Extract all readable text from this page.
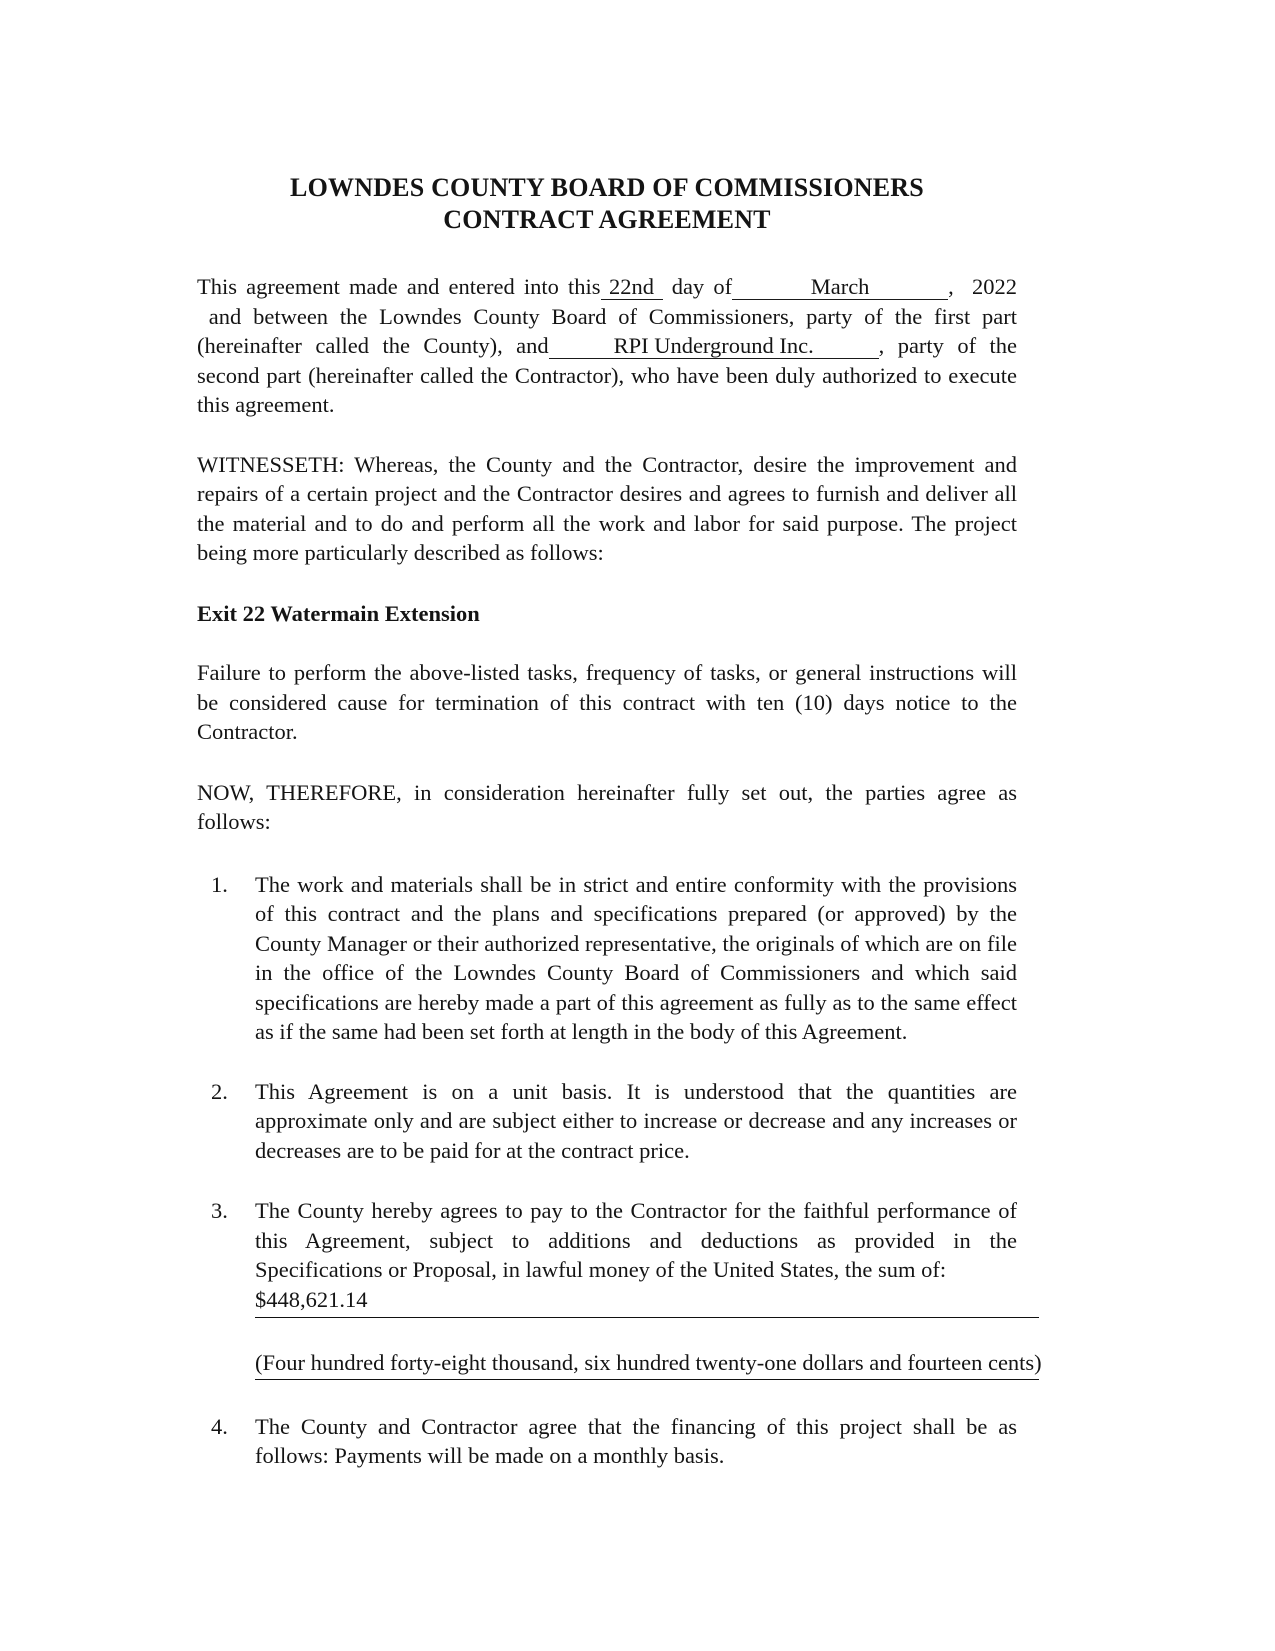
LOWNDES COUNTY BOARD OF COMMISSIONERS
CONTRACT AGREEMENT

This agreement made and entered into this 22nd day of	March	, 2022  and between the Lowndes County Board of Commissioners, party of the first part (hereinafter called the County), and	RPI Underground Inc.	, party of the second part (hereinafter called the Contractor), who have been duly authorized to execute this agreement.

WITNESSETH: Whereas, the County and the Contractor, desire the improvement and repairs of a certain project and the Contractor desires and agrees to furnish and deliver all the material and to do and perform all the work and labor for said purpose. The project being more particularly described as follows:

Exit 22 Watermain Extension

Failure to perform the above-listed tasks, frequency of tasks, or general instructions will be considered cause for termination of this contract with ten (10) days notice to the Contractor.

NOW, THEREFORE, in consideration hereinafter fully set out, the parties agree as follows:

1.	The work and materials shall be in strict and entire conformity with the provisions of this contract and the plans and specifications prepared (or approved) by the County Manager or their authorized representative, the originals of which are on file in the office of the Lowndes County Board of Commissioners and which said specifications are hereby made a part of this agreement as fully as to the same effect as if the same had been set forth at length in the body of this Agreement.
2.	This Agreement is on a unit basis. It is understood that the quantities are approximate only and are subject either to increase or decrease and any increases or decreases are to be paid for at the contract price.
3.	The County hereby agrees to pay to the Contractor for the faithful performance of this Agreement, subject to additions and deductions as provided in the Specifications or Proposal, in lawful money of the United States, the sum of:
$448,621.14
(Four hundred forty-eight thousand, six hundred twenty-one dollars and fourteen cents)
4.	The County and Contractor agree that the financing of this project shall be as follows: Payments will be made on a monthly basis.
